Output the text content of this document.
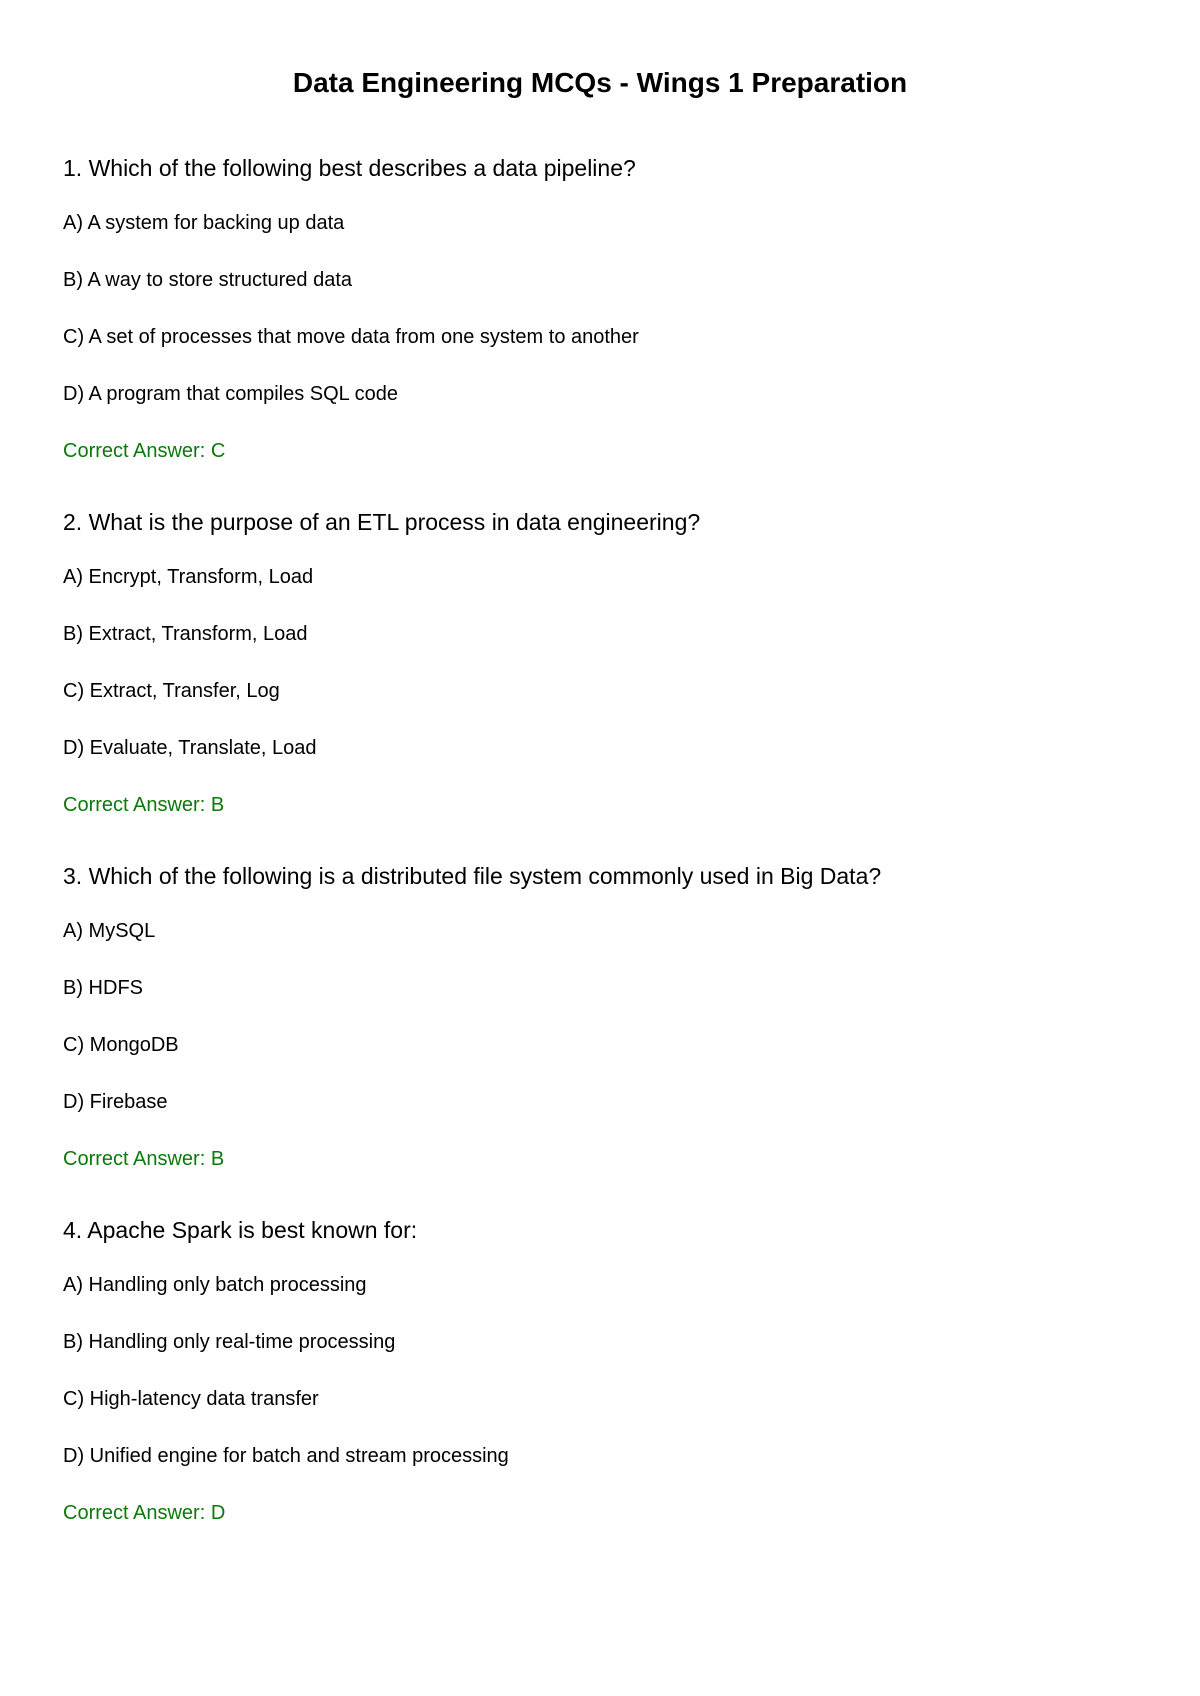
Data Engineering MCQs - Wings 1 Preparation
1. Which of the following best describes a data pipeline?
A) A system for backing up data
B) A way to store structured data
C) A set of processes that move data from one system to another
D) A program that compiles SQL code
Correct Answer: C
2. What is the purpose of an ETL process in data engineering?
A) Encrypt, Transform, Load
B) Extract, Transform, Load
C) Extract, Transfer, Log
D) Evaluate, Translate, Load
Correct Answer: B
3. Which of the following is a distributed file system commonly used in Big Data?
A) MySQL
B) HDFS
C) MongoDB
D) Firebase
Correct Answer: B
4. Apache Spark is best known for:
A) Handling only batch processing
B) Handling only real-time processing
C) High-latency data transfer
D) Unified engine for batch and stream processing
Correct Answer: D
